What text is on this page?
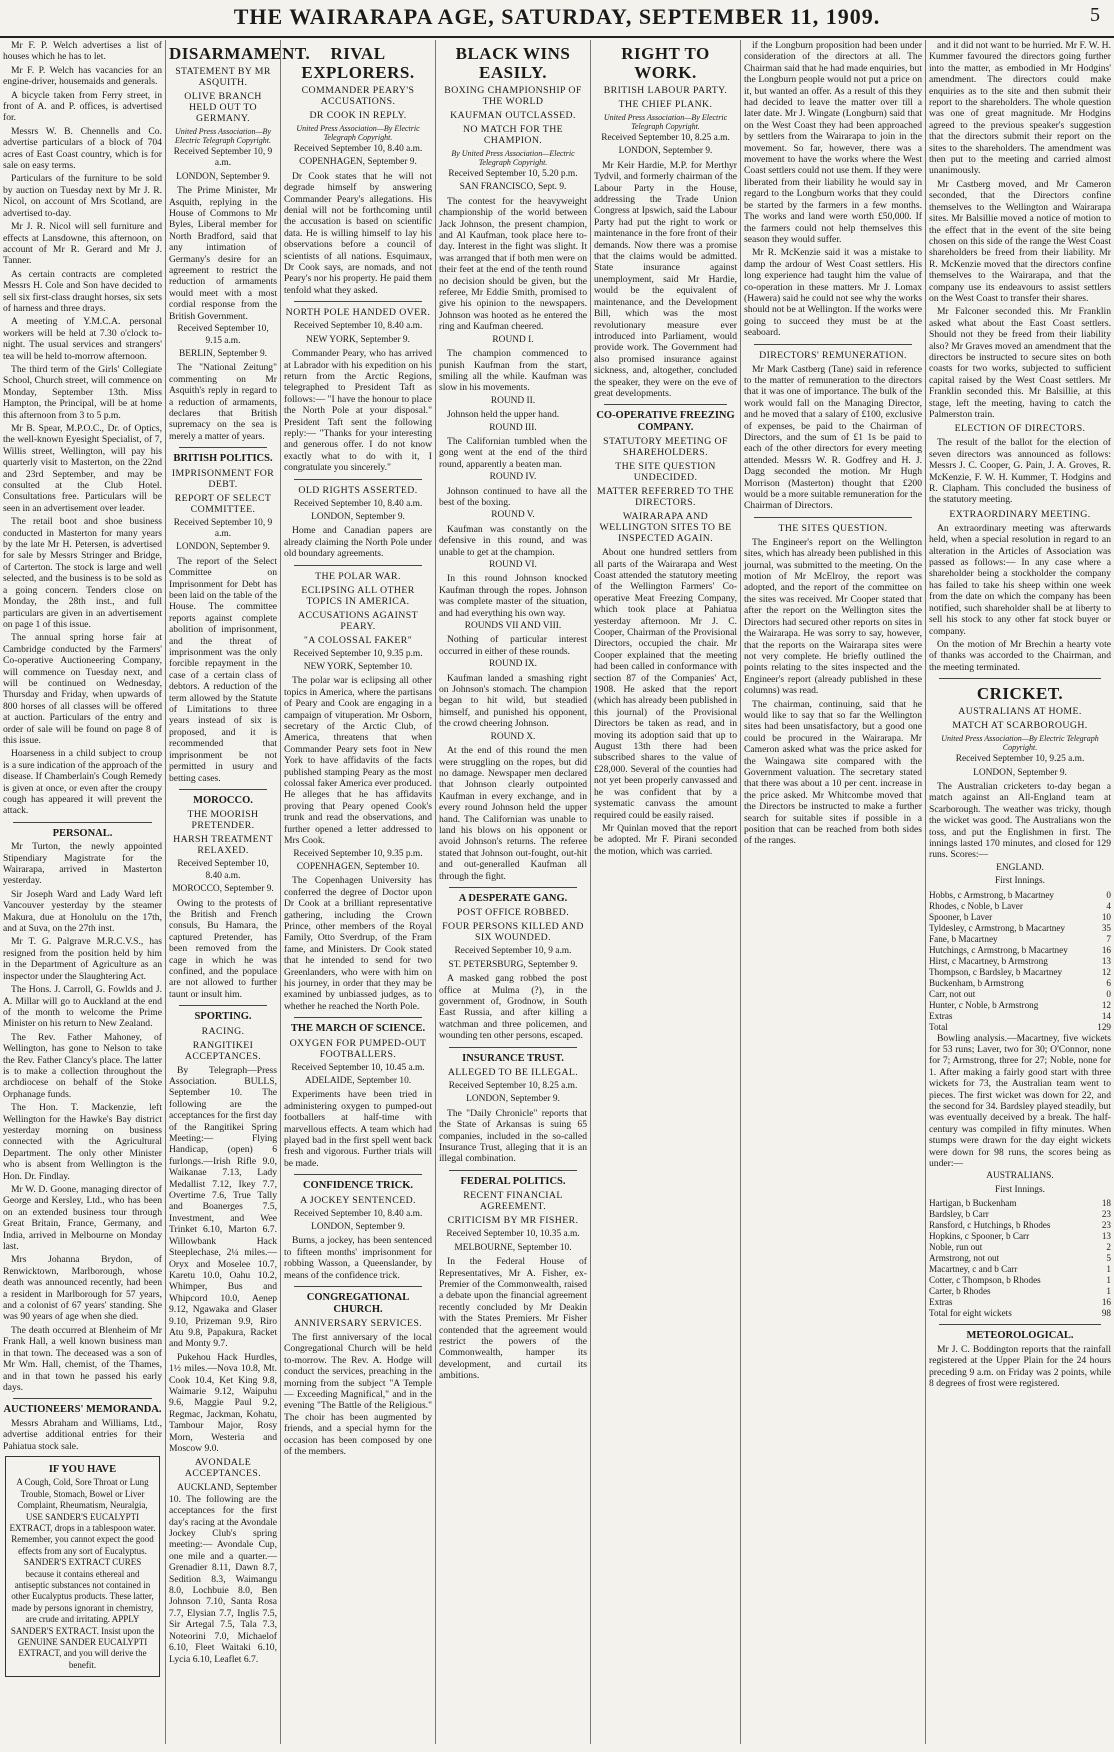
THE WAIRARAPA AGE, SATURDAY, SEPTEMBER 11, 1909.	5

Mr F. P. Welch advertises a list of houses which he has to let.

Mr F. P. Welch has vacancies for an engine-driver, housemaids and generals.

A bicycle taken from Ferry street, in front of A. and P. offices, is advertised for.

Messrs W. B. Chennells and Co. advertise particulars of a block of 704 acres of East Coast country, which is for sale on easy terms.

Particulars of the furniture to be sold by auction on Tuesday next by Mr J. R. Nicol, on account of Mrs Scotland, are advertised to-day.

Mr J. R. Nicol will sell furniture and effects at Lansdowne, this afternoon, on account of Mr R. Gerard and Mr J. Tanner.

As certain contracts are completed Messrs H. Cole and Son have decided to sell six first-class draught horses, six sets of harness and three drays.

A meeting of Y.M.C.A. personal workers will be held at 7.30 o'clock to-night. The usual services and strangers' tea will be held to-morrow afternoon.

The third term of the Girls' Collegiate School, Church street, will commence on Monday, September 13th. Miss Hampton, the Principal, will be at home this afternoon from 3 to 5 p.m.

Mr B. Spear, M.P.O.C., Dr. of Optics, the well-known Eyesight Specialist, of 7, Willis street, Wellington, will pay his quarterly visit to Masterton, on the 22nd and 23rd September, and may be consulted at the Club Hotel. Consultations free. Particulars will be seen in an advertisement over leader.

The retail boot and shoe business conducted in Masterton for many years by the late Mr H. Petersen, is advertised for sale by Messrs Stringer and Bridge, of Carterton. The stock is large and well selected, and the business is to be sold as a going concern. Tenders close on Monday, the 28th inst., and full particulars are given in an advertisement on page 1 of this issue.

The annual spring horse fair at Cambridge conducted by the Farmers' Co-operative Auctioneering Company, will commence on Tuesday next, and will be continued on Wednesday, Thursday and Friday, when upwards of 800 horses of all classes will be offered at auction. Particulars of the entry and order of sale will be found on page 8 of this issue.

Hoarseness in a child subject to croup is a sure indication of the approach of the disease. If Chamberlain's Cough Remedy is given at once, or even after the croupy cough has appeared it will prevent the attack.

PERSONAL.

Mr Turton, the newly appointed Stipendiary Magistrate for the Wairarapa, arrived in Masterton yesterday.

Sir Joseph Ward and Lady Ward left Vancouver yesterday by the steamer Makura, due at Honolulu on the 17th, and at Suva, on the 27th inst.

Mr T. G. Palgrave M.R.C.V.S., has resigned from the position held by him in the Department of Agriculture as an inspector under the Slaughtering Act.

The Hons. J. Carroll, G. Fowlds and J. A. Millar will go to Auckland at the end of the month to welcome the Prime Minister on his return to New Zealand.

The Rev. Father Mahoney, of Wellington, has gone to Nelson to take the Rev. Father Clancy's place. The latter is to make a collection throughout the archdiocese on behalf of the Stoke Orphanage funds.

The Hon. T. Mackenzie, left Wellington for the Hawke's Bay district yesterday morning on business connected with the Agricultural Department. The only other Minister who is absent from Wellington is the Hon. Dr. Findlay.

Mr W. D. Goone, managing director of George and Kersley, Ltd., who has been on an extended business tour through Great Britain, France, Germany, and India, arrived in Melbourne on Monday last.

Mrs Johanna Brydon, of Renwicktown, Marlborough, whose death was announced recently, had been a resident in Marlborough for 57 years, and a colonist of 67 years' standing. She was 90 years of age when she died.

The death occurred at Blenheim of Mr Frank Hall, a well known business man in that town. The deceased was a son of Mr Wm. Hall, chemist, of the Thames, and in that town he passed his early days.

AUCTIONEERS' MEMORANDA.

Messrs Abraham and Williams, Ltd., advertise additional entries for their Pahiatua stock sale.

IF YOU HAVE

A Cough, Cold, Sore Throat or Lung Trouble, Stomach, Bowel or Liver Complaint, Rheumatism, Neuralgia, USE SANDER'S EUCALYPTI EXTRACT, drops in a tablespoon water. Remember, you cannot expect the good effects from any sort of Eucalyptus. SANDER'S EXTRACT CURES because it contains ethereal and antiseptic substances not contained in other Eucalyptus products. These latter, made by persons ignorant in chemistry, are crude and irritating. APPLY SANDER'S EXTRACT. Insist upon the GENUINE SANDER EUCALYPTI EXTRACT, and you will derive the benefit.

DISARMAMENT.
STATEMENT BY MR ASQUITH.
OLIVE BRANCH HELD OUT TO GERMANY.
United Press Association—By Electric Telegraph Copyright.
Received September 10, 9 a.m.
LONDON, September 9.

The Prime Minister, Mr Asquith, replying in the House of Commons to Mr Byles, Liberal member for North Bradford, said that any intimation of Germany's desire for an agreement to restrict the reduction of armaments would meet with a most cordial response from the British Government.

Received September 10, 9.15 a.m.
BERLIN, September 9.

The "National Zeitung" commenting on Mr Asquith's reply in regard to a reduction of armaments, declares that British supremacy on the sea is merely a matter of years.

BRITISH POLITICS.
IMPRISONMENT FOR DEBT.
REPORT OF SELECT COMMITTEE.
Received September 10, 9 a.m.
LONDON, September 9.

The report of the Select Committee on Imprisonment for Debt has been laid on the table of the House. The committee reports against complete abolition of imprisonment, and the threat of imprisonment was the only forcible repayment in the case of a certain class of debtors. A reduction of the term allowed by the Statute of Limitations to three years instead of six is proposed, and it is recommended that imprisonment be not permitted in usury and betting cases.

MOROCCO.
THE MOORISH PRETENDER.
HARSH TREATMENT RELAXED.
Received September 10, 8.40 a.m.
MOROCCO, September 9.

Owing to the protests of the British and French consuls, Bu Hamara, the captured Pretender, has been removed from the cage in which he was confined, and the populace are not allowed to further taunt or insult him.

SPORTING.
RACING.
RANGITIKEI ACCEPTANCES.

By Telegraph—Press Association. BULLS, September 10. The following are the acceptances for the first day of the Rangitikei Spring Meeting:— Flying Handicap, (open) 6 furlongs.—Irish Rifle 9.0, Waikanae 7.13, Lady Medallist 7.12, Ikey 7.7, Overtime 7.6, True Tally and Boanerges 7.5, Investment, and Wee Trinket 6.10, Marton 6.7. Willowbank Hack Steeplechase, 2¼ miles.—Oryx and Moselee 10.7, Karetu 10.0, Oahu 10.2, Whimper, Bus and Whipcord 10.0, Aenep 9.12, Ngawaka and Glaser 9.10, Prizeman 9.9, Riro Atu 9.8, Papakura, Racket and Monty 9.7.

Pukehou Hack Hurdles, 1½ miles.—Nova 10.8, Mt. Cook 10.4, Ket King 9.8, Waimarie 9.12, Waipuhu 9.6, Maggie Paul 9.2, Regmac, Jackman, Kohatu, Tambour Major, Rosy Morn, Westeria and Moscow 9.0.

AVONDALE ACCEPTANCES.

AUCKLAND, September 10. The following are the acceptances for the first day's racing at the Avondale Jockey Club's spring meeting:— Avondale Cup, one mile and a quarter.—Grenadier 8.11, Dawn 8.7, Sedition 8.3, Waimangu 8.0, Lochbuie 8.0, Ben Johnson 7.10, Santa Rosa 7.7, Elysian 7.7, Inglis 7.5, Sir Artegal 7.5, Tala 7.3, Noteorini 7.0, Michaelof 6.10, Fleet Waitaki 6.10, Lycia 6.10, Leaflet 6.7.

RIVAL EXPLORERS.
COMMANDER PEARY'S ACCUSATIONS.
DR COOK IN REPLY.
United Press Association—By Electric Telegraph Copyright.
Received September 10, 8.40 a.m.
COPENHAGEN, September 9.

Dr Cook states that he will not degrade himself by answering Commander Peary's allegations. His denial will not be forthcoming until the accusation is based on scientific data. He is willing himself to lay his observations before a council of scientists of all nations. Esquimaux, Dr Cook says, are nomads, and not Peary's nor his property. He paid them tenfold what they asked.

NORTH POLE HANDED OVER.
Received September 10, 8.40 a.m.
NEW YORK, September 9.

Commander Peary, who has arrived at Labrador with his expedition on his return from the Arctic Regions, telegraphed to President Taft as follows:— "I have the honour to place the North Pole at your disposal." President Taft sent the following reply:— "Thanks for your interesting and generous offer. I do not know exactly what to do with it, I congratulate you sincerely."

OLD RIGHTS ASSERTED.
Received September 10, 8.40 a.m.
LONDON, September 9.

Home and Canadian papers are already claiming the North Pole under old boundary agreements.

THE POLAR WAR.
ECLIPSING ALL OTHER TOPICS IN AMERICA.
ACCUSATIONS AGAINST PEARY.
"A COLOSSAL FAKER"
Received September 10, 9.35 p.m.
NEW YORK, September 10.

The polar war is eclipsing all other topics in America, where the partisans of Peary and Cook are engaging in a campaign of vituperation. Mr Osborn, secretary of the Arctic Club, of America, threatens that when Commander Peary sets foot in New York to have affidavits of the facts published stamping Peary as the most colossal faker America ever produced. He alleges that he has affidavits proving that Peary opened Cook's trunk and read the observations, and further opened a letter addressed to Mrs Cook.

Received September 10, 9.35 p.m.
COPENHAGEN, September 10.

The Copenhagen University has conferred the degree of Doctor upon Dr Cook at a brilliant representative gathering, including the Crown Prince, other members of the Royal Family, Otto Sverdrup, of the Fram fame, and Ministers. Dr Cook stated that he intended to send for two Greenlanders, who were with him on his journey, in order that they may be examined by unbiassed judges, as to whether he reached the North Pole.

THE MARCH OF SCIENCE.
OXYGEN FOR PUMPED-OUT FOOTBALLERS.
Received September 10, 10.45 a.m.
ADELAIDE, September 10.

Experiments have been tried in administering oxygen to pumped-out footballers at half-time with marvellous effects. A team which had played bad in the first spell went back fresh and vigorous. Further trials will be made.

CONFIDENCE TRICK.
A JOCKEY SENTENCED.
Received September 10, 8.40 a.m.
LONDON, September 9.

Burns, a jockey, has been sentenced to fifteen months' imprisonment for robbing Wasson, a Queenslander, by means of the confidence trick.

CONGREGATIONAL CHURCH.
ANNIVERSARY SERVICES.

The first anniversary of the local Congregational Church will be held to-morrow. The Rev. A. Hodge will conduct the services, preaching in the morning from the subject "A Temple — Exceeding Magnifical," and in the evening "The Battle of the Religious." The choir has been augmented by friends, and a special hymn for the occasion has been composed by one of the members.

BLACK WINS EASILY.
BOXING CHAMPIONSHIP OF THE WORLD
KAUFMAN OUTCLASSED.
NO MATCH FOR THE CHAMPION.
By United Press Association—Electric Telegraph Copyright.
Received September 10, 5.20 p.m.
SAN FRANCISCO, Sept. 9.

The contest for the heavyweight championship of the world between Jack Johnson, the present champion, and Al Kaufman, took place here to-day. Interest in the fight was slight. It was arranged that if both men were on their feet at the end of the tenth round no decision should be given, but the referee, Mr Eddie Smith, promised to give his opinion to the newspapers. Johnson was hooted as he entered the ring and Kaufman cheered.

ROUND I.

The champion commenced to punish Kaufman from the start, smiling all the while. Kaufman was slow in his movements.

ROUND II.

Johnson held the upper hand.

ROUND III.

The Californian tumbled when the gong went at the end of the third round, apparently a beaten man.

ROUND IV.

Johnson continued to have all the best of the boxing.

ROUND V.

Kaufman was constantly on the defensive in this round, and was unable to get at the champion.

ROUND VI.

In this round Johnson knocked Kaufman through the ropes. Johnson was complete master of the situation, and had everything his own way.

ROUNDS VII AND VIII.

Nothing of particular interest occurred in either of these rounds.

ROUND IX.

Kaufman landed a smashing right on Johnson's stomach. The champion began to hit wild, but steadied himself, and punished his opponent, the crowd cheering Johnson.

ROUND X.

At the end of this round the men were struggling on the ropes, but did no damage. Newspaper men declared that Johnson clearly outpointed Kaufman in every exchange, and in every round Johnson held the upper hand. The Californian was unable to land his blows on his opponent or avoid Johnson's returns. The referee stated that Johnson out-fought, out-hit and out-generalled Kaufman all through the fight.

A DESPERATE GANG.
POST OFFICE ROBBED.
FOUR PERSONS KILLED AND SIX WOUNDED.
Received September 10, 9 a.m.
ST. PETERSBURG, September 9.

A masked gang robbed the post office at Mulma (?), in the government of, Grodnow, in South East Russia, and after killing a watchman and three policemen, and wounding ten other persons, escaped.

INSURANCE TRUST.
ALLEGED TO BE ILLEGAL.
Received September 10, 8.25 a.m.
LONDON, September 9.

The "Daily Chronicle" reports that the State of Arkansas is suing 65 companies, included in the so-called Insurance Trust, alleging that it is an illegal combination.

FEDERAL POLITICS.
RECENT FINANCIAL AGREEMENT.
CRITICISM BY MR FISHER.
Received September 10, 10.35 a.m.
MELBOURNE, September 10.

In the Federal House of Representatives, Mr A. Fisher, ex-Premier of the Commonwealth, raised a debate upon the financial agreement recently concluded by Mr Deakin with the States Premiers. Mr Fisher contended that the agreement would restrict the powers of the Commonwealth, hamper its development, and curtail its ambitions.

RIGHT TO WORK.
BRITISH LABOUR PARTY.
THE CHIEF PLANK.
United Press Association—By Electric Telegraph Copyright.
Received September 10, 8.25 a.m.
LONDON, September 9.

Mr Keir Hardie, M.P. for Merthyr Tydvil, and formerly chairman of the Labour Party in the House, addressing the Trade Union Congress at Ipswich, said the Labour Party had put the right to work or maintenance in the fore front of their demands. Now there was a promise that the claims would be admitted. State insurance against unemployment, said Mr Hardie, would be the equivalent of maintenance, and the Development Bill, which was the most revolutionary measure ever introduced into Parliament, would provide work. The Government had also promised insurance against sickness, and, altogether, concluded the speaker, they were on the eve of great developments.

CO-OPERATIVE FREEZING COMPANY.
STATUTORY MEETING OF SHAREHOLDERS.
THE SITE QUESTION UNDECIDED.
MATTER REFERRED TO THE DIRECTORS.
WAIRARAPA AND WELLINGTON SITES TO BE INSPECTED AGAIN.

About one hundred settlers from all parts of the Wairarapa and West Coast attended the statutory meeting of the Wellington Farmers' Co-operative Meat Freezing Company, which took place at Pahiatua yesterday afternoon. Mr J. C. Cooper, Chairman of the Provisional Directors, occupied the chair. Mr Cooper explained that the meeting had been called in conformance with section 87 of the Companies' Act, 1908. He asked that the report (which has already been published in this journal) of the Provisional Directors be taken as read, and in moving its adoption said that up to August 13th there had been subscribed shares to the value of £28,000. Several of the counties had not yet been properly canvassed and he was confident that by a systematic canvass the amount required could be easily raised.

Mr Quinlan moved that the report be adopted. Mr F. Pirani seconded the motion, which was carried.

if the Longburn proposition had been under consideration of the directors at all. The Chairman said that he had made enquiries, but the Longburn people would not put a price on it, but wanted an offer. As a result of this they had decided to leave the matter over till a later date. Mr J. Wingate (Longburn) said that on the West Coast they had been approached by settlers from the Wairarapa to join in the movement. So far, however, there was a movement to have the works where the West Coast settlers could not use them. If they were liberated from their liability he would say in regard to the Longburn works that they could be started by the farmers in a few months. The works and land were worth £50,000. If the farmers could not help themselves this season they would suffer.

Mr R. McKenzie said it was a mistake to damp the ardour of West Coast settlers. His long experience had taught him the value of co-operation in these matters. Mr J. Lomax (Hawera) said he could not see why the works should not be at Wellington. If the works were going to succeed they must be at the seaboard.

DIRECTORS' REMUNERATION.

Mr Mark Castberg (Tane) said in reference to the matter of remuneration to the directors that it was one of importance. The bulk of the work would fall on the Managing Director, and he moved that a salary of £100, exclusive of expenses, be paid to the Chairman of Directors, and the sum of £1 1s be paid to each of the other directors for every meeting attended. Messrs W. R. Godfrey and H. J. Dagg seconded the motion. Mr Hugh Morrison (Masterton) thought that £200 would be a more suitable remuneration for the Chairman of Directors.

THE SITES QUESTION.

The Engineer's report on the Wellington sites, which has already been published in this journal, was submitted to the meeting. On the motion of Mr McElroy, the report was adopted, and the report of the committee on the sites was received. Mr Cooper stated that after the report on the Wellington sites the Directors had secured other reports on sites in the Wairarapa. He was sorry to say, however, that the reports on the Wairarapa sites were not very complete. He briefly outlined the points relating to the sites inspected and the Engineer's report (already published in these columns) was read.

The chairman, continuing, said that he would like to say that so far the Wellington sites had been unsatisfactory, but a good one could be procured in the Wairarapa. Mr Cameron asked what was the price asked for the Waingawa site compared with the Government valuation. The secretary stated that there was about a 10 per cent. increase in the price asked. Mr Whitcombe moved that the Directors be instructed to make a further search for suitable sites if possible in a position that can be reached from both sides of the ranges.

and it did not want to be hurried. Mr F. W. H. Kummer favoured the directors going further into the matter, as embodied in Mr Hodgins' amendment. The directors could make enquiries as to the site and then submit their report to the shareholders. The whole question was one of great magnitude. Mr Hodgins agreed to the previous speaker's suggestion that the directors submit their report on the sites to the shareholders. The amendment was then put to the meeting and carried almost unanimously.

Mr Castberg moved, and Mr Cameron seconded, that the Directors confine themselves to the Wellington and Wairarapa sites. Mr Balsillie moved a notice of motion to the effect that in the event of the site being chosen on this side of the range the West Coast shareholders be freed from their liability. Mr R. McKenzie moved that the directors confine themselves to the Wairarapa, and that the company use its endeavours to assist settlers on the West Coast to transfer their shares.

Mr Falconer seconded this. Mr Franklin asked what about the East Coast settlers. Should not they be freed from their liability also? Mr Graves moved an amendment that the directors be instructed to secure sites on both coasts for two works, subjected to sufficient capital raised by the West Coast settlers. Mr Franklin seconded this. Mr Balsillie, at this stage, left the meeting, having to catch the Palmerston train.

ELECTION OF DIRECTORS.

The result of the ballot for the election of seven directors was announced as follows: Messrs J. C. Cooper, G. Pain, J. A. Groves, R. McKenzie, F. W. H. Kummer, T. Hodgins and R. Clapham. This concluded the business of the statutory meeting.

EXTRAORDINARY MEETING.

An extraordinary meeting was afterwards held, when a special resolution in regard to an alteration in the Articles of Association was passed as follows:— In any case where a shareholder being a stockholder the company has failed to take his sheep within one week from the date on which the company has been notified, such shareholder shall be at liberty to sell his stock to any other fat stock buyer or company.

On the motion of Mr Brechin a hearty vote of thanks was accorded to the Chairman, and the meeting terminated.

CRICKET.
AUSTRALIANS AT HOME.
MATCH AT SCARBOROUGH.
United Press Association—By Electric Telegraph Copyright.
Received September 10, 9.25 a.m.
LONDON, September 9.

The Australian cricketers to-day began a match against an All-England team at Scarborough. The weather was tricky, though the wicket was good. The Australians won the toss, and put the Englishmen in first. The innings lasted 170 minutes, and closed for 129 runs. Scores:—

ENGLAND.
First Innings.
Hobbs, c Armstrong, b Macartney	0
Rhodes, c Noble, b Laver	4
Spooner, b Laver	10
Tyldesley, c Armstrong, b Macartney	35
Fane, b Macartney	7
Hutchings, c Armstrong, b Macartney	16
Hirst, c Macartney, b Armstrong	13
Thompson, c Bardsley, b Macartney	12
Buckenham, b Armstrong	6
Carr, not out	0
Hunter, c Noble, b Armstrong	12
Extras	14
Total	129

Bowling analysis.—Macartney, five wickets for 53 runs; Laver, two for 30; O'Connor, none for 7; Armstrong, three for 27; Noble, none for 1. After making a fairly good start with three wickets for 73, the Australian team went to pieces. The first wicket was down for 22, and the second for 34. Bardsley played steadily, but was eventually deceived by a break. The half-century was compiled in fifty minutes. When stumps were drawn for the day eight wickets were down for 98 runs, the scores being as under:—

AUSTRALIANS.
First Innings.
Hartigan, b Buckenham	18
Bardsley, b Carr	23
Ransford, c Hutchings, b Rhodes	23
Hopkins, c Spooner, b Carr	13
Noble, run out	2
Armstrong, not out	5
Macartney, c and b Carr	1
Cotter, c Thompson, b Rhodes	1
Carter, b Rhodes	1
Extras	16
Total for eight wickets	98
METEOROLOGICAL.

Mr J. C. Boddington reports that the rainfall registered at the Upper Plain for the 24 hours preceding 9 a.m. on Friday was 2 points, while 8 degrees of frost were registered.
